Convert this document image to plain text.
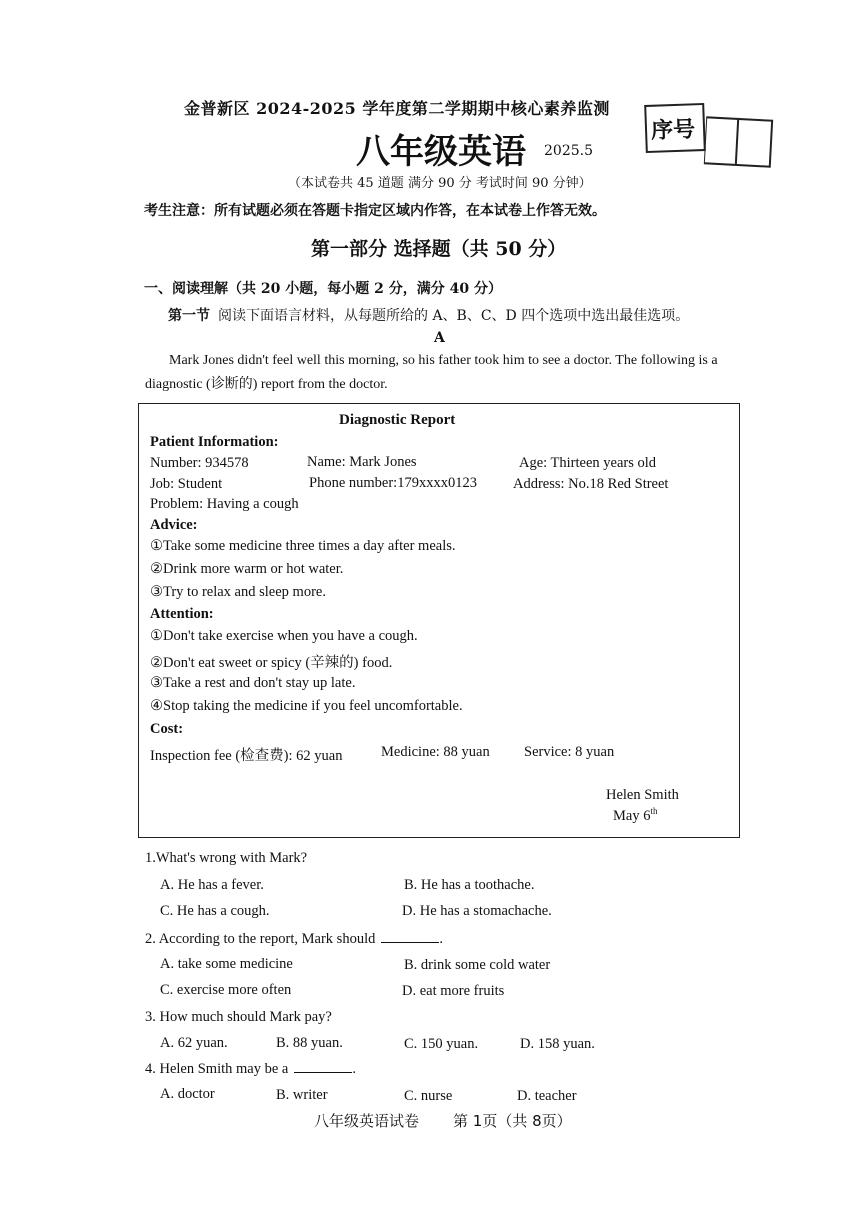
金普新区 2024-2025 学年度第二学期期中核心素养监测
八年级英语 2025.5
序号
（本试卷共 45 道题 满分 90 分 考试时间 90 分钟）
考生注意：所有试题必须在答题卡指定区域内作答，在本试卷上作答无效。
第一部分 选择题（共 50 分）
一、阅读理解（共 20 小题，每小题 2 分，满分 40 分）
第一节 阅读下面语言材料，从每题所给的 A、B、C、D 四个选项中选出最佳选项。
A
Mark Jones didn't feel well this morning, so his father took him to see a doctor. The following is a diagnostic (诊断的) report from the doctor.
Diagnostic Report
Patient Information:
Number: 934578	Name: Mark Jones	Age: Thirteen years old
Job: Student	Phone number:179xxxx0123 Address: No.18 Red Street
Problem: Having a cough
Advice:
①Take some medicine three times a day after meals.
②Drink more warm or hot water.
③Try to relax and sleep more.
Attention:
①Don't take exercise when you have a cough.
②Don't eat sweet or spicy (辛辣的) food.
③Take a rest and don't stay up late.
④Stop taking the medicine if you feel uncomfortable.
Cost:
Inspection fee (检查费): 62 yuan	Medicine: 88 yuan Service: 8 yuan
Helen Smith
May 6th
1.What's wrong with Mark?
A. He has a fever.	B. He has a toothache.
C. He has a cough.	D. He has a stomachache.
2. According to the report, Mark should	.
A. take some medicine	B. drink some cold water
C. exercise more often	D. eat more fruits
3. How much should Mark pay?
A. 62 yuan.	B. 88 yuan.	C. 150 yuan.	D. 158 yuan.
4. Helen Smith may be a	.
A. doctor	B. writer	C. nurse	D. teacher
八年级英语试卷 第 1页（共 8页）
